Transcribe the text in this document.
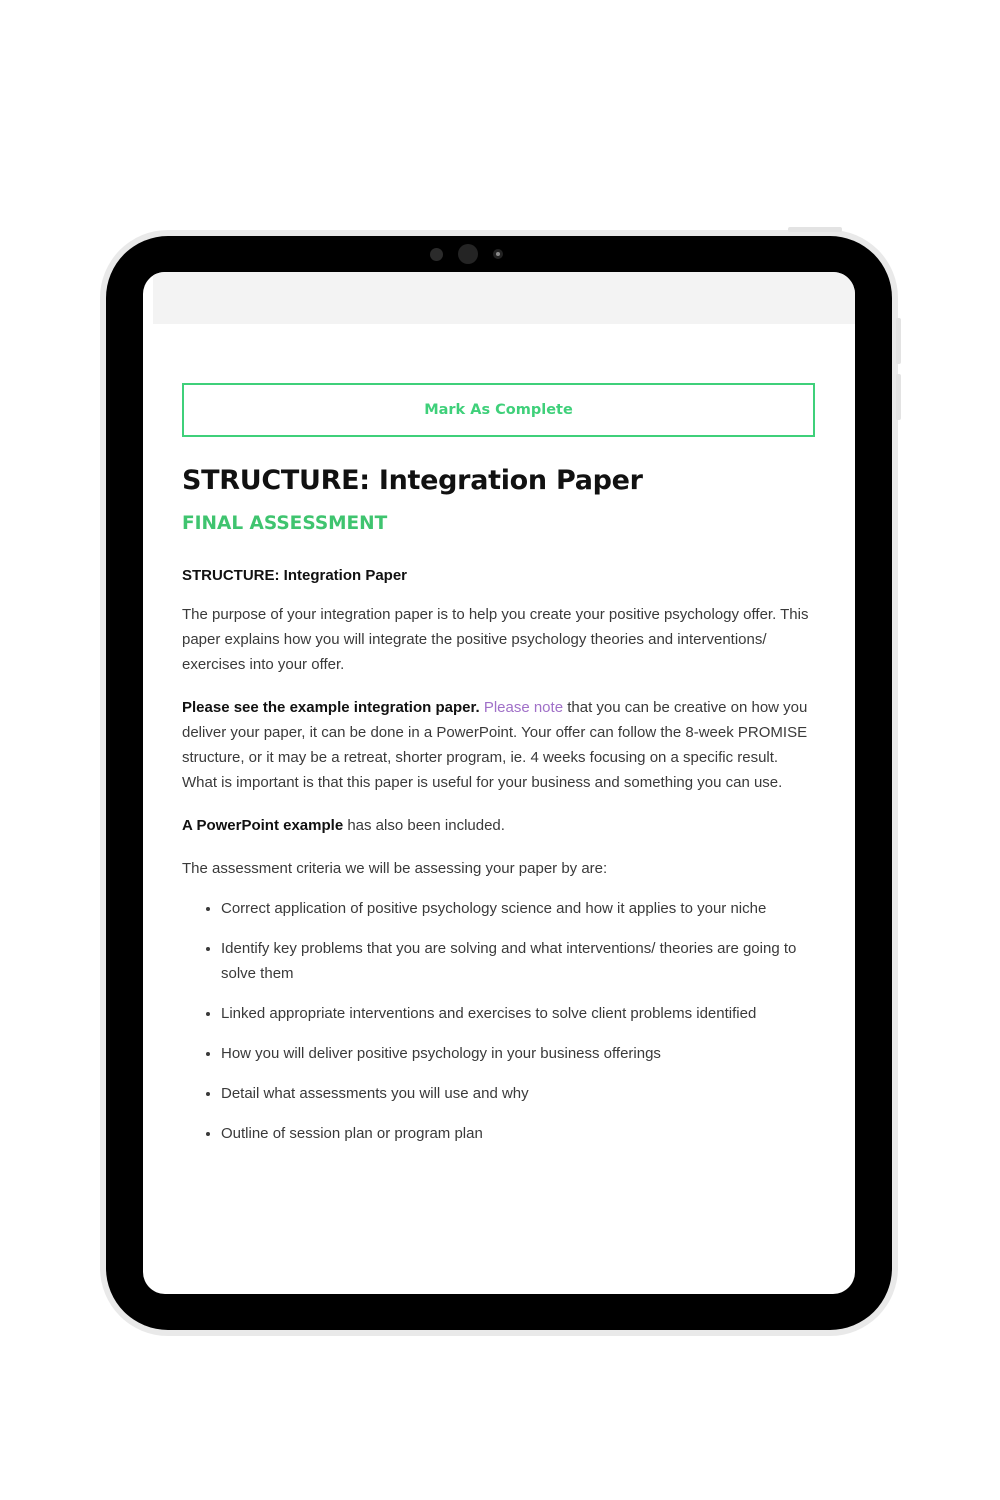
Mark As Complete
STRUCTURE: Integration Paper
FINAL ASSESSMENT
STRUCTURE: Integration Paper

The purpose of your integration paper is to help you create your positive psychology offer. This paper explains how you will integrate the positive psychology theories and interventions/ exercises into your offer.

Please see the example integration paper. Please note that you can be creative on how you deliver your paper, it can be done in a PowerPoint. Your offer can follow the 8-week PROMISE structure, or it may be a retreat, shorter program, ie. 4 weeks focusing on a specific result. What is important is that this paper is useful for your business and something you can use.

A PowerPoint example has also been included.

The assessment criteria we will be assessing your paper by are:

• Correct application of positive psychology science and how it applies to your niche
• Identify key problems that you are solving and what interventions/ theories are going to solve them
• Linked appropriate interventions and exercises to solve client problems identified
• How you will deliver positive psychology in your business offerings
• Detail what assessments you will use and why
• Outline of session plan or program plan
